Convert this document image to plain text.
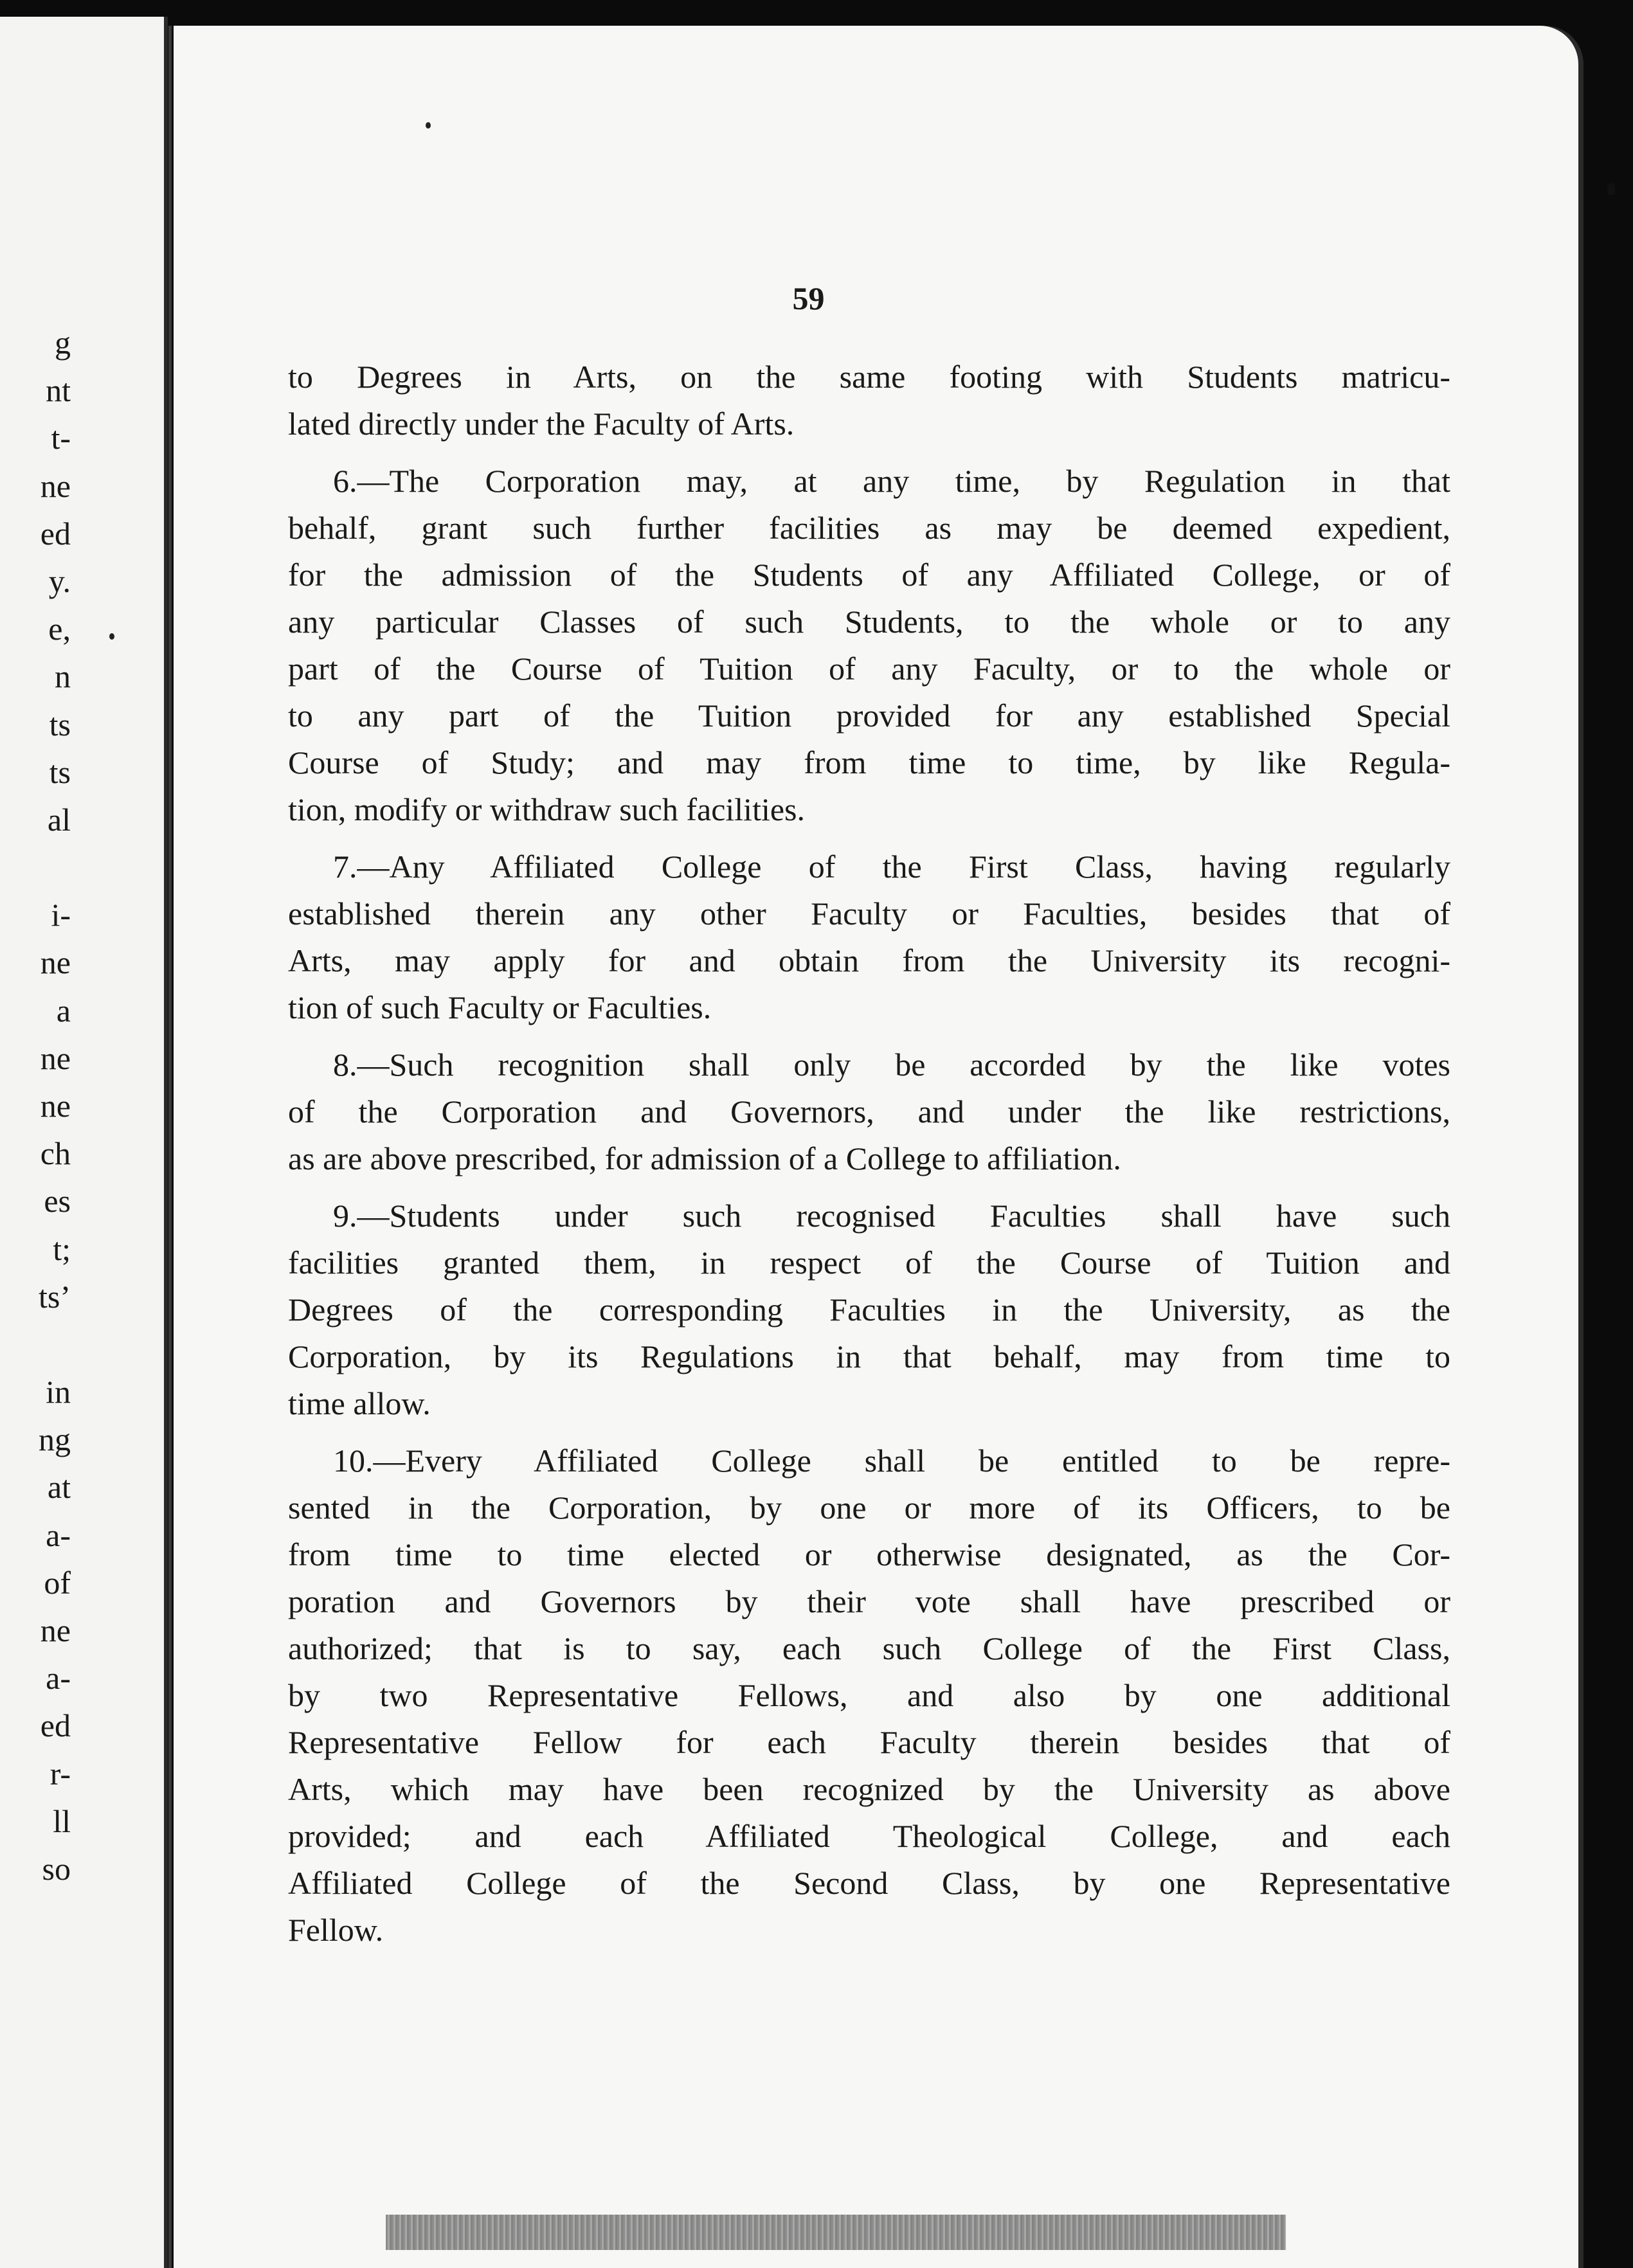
g
nt
t-
ne
ed
y.
e,
n
ts
ts
al
i-
ne
a
ne
ne
ch
es
t;
ts’
in
ng
at
a-
of
ne
a-
ed
r-
ll
so
59
to Degrees in Arts, on the same footing with Students matricu-
lated directly under the Faculty of Arts.
6.—The Corporation may, at any time, by Regulation in that
behalf, grant such further facilities as may be deemed expedient,
for the admission of the Students of any Affiliated College, or of
any particular Classes of such Students, to the whole or to any
part of the Course of Tuition of any Faculty, or to the whole or
to any part of the Tuition provided for any established Special
Course of Study; and may from time to time, by like Regula-
tion, modify or withdraw such facilities.
7.—Any Affiliated College of the First Class, having regularly
established therein any other Faculty or Faculties, besides that of
Arts, may apply for and obtain from the University its recogni-
tion of such Faculty or Faculties.
8.—Such recognition shall only be accorded by the like votes
of the Corporation and Governors, and under the like restrictions,
as are above prescribed, for admission of a College to affiliation.
9.—Students under such recognised Faculties shall have such
facilities granted them, in respect of the Course of Tuition and
Degrees of the corresponding Faculties in the University, as the
Corporation, by its Regulations in that behalf, may from time to
time allow.
10.—Every Affiliated College shall be entitled to be repre-
sented in the Corporation, by one or more of its Officers, to be
from time to time elected or otherwise designated, as the Cor-
poration and Governors by their vote shall have prescribed or
authorized; that is to say, each such College of the First Class,
by two Representative Fellows, and also by one additional
Representative Fellow for each Faculty therein besides that of
Arts, which may have been recognized by the University as above
provided; and each Affiliated Theological College, and each
Affiliated College of the Second Class, by one Representative
Fellow.
